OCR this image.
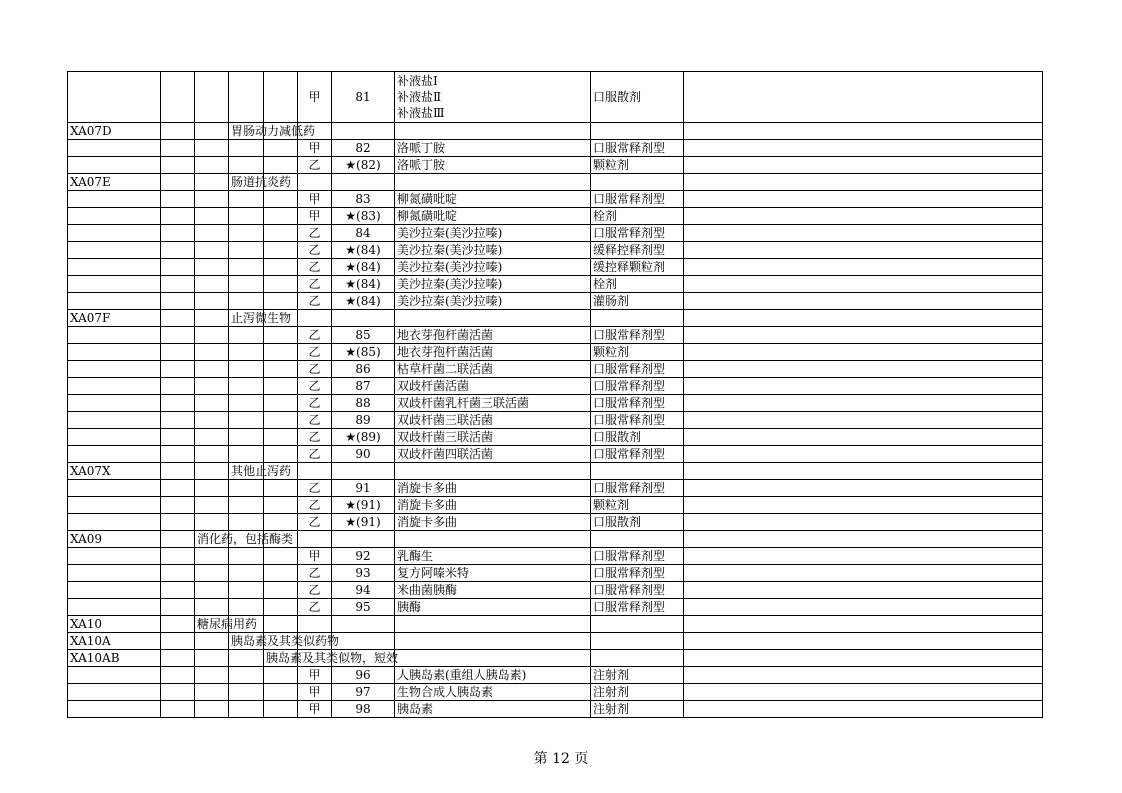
					甲	81	补液盐Ⅰ
补液盐Ⅱ
补液盐Ⅲ	口服散剂	
XA07D			胃肠动力减低药						
					甲	82	洛哌丁胺	口服常释剂型	
					乙	★(82)	洛哌丁胺	颗粒剂	
XA07E			肠道抗炎药						
					甲	83	柳氮磺吡啶	口服常释剂型	
					甲	★(83)	柳氮磺吡啶	栓剂	
					乙	84	美沙拉秦(美沙拉嗪)	口服常释剂型	
					乙	★(84)	美沙拉秦(美沙拉嗪)	缓释控释剂型	
					乙	★(84)	美沙拉秦(美沙拉嗪)	缓控释颗粒剂	
					乙	★(84)	美沙拉秦(美沙拉嗪)	栓剂	
					乙	★(84)	美沙拉秦(美沙拉嗪)	灌肠剂	
XA07F			止泻微生物						
					乙	85	地衣芽孢杆菌活菌	口服常释剂型	
					乙	★(85)	地衣芽孢杆菌活菌	颗粒剂	
					乙	86	枯草杆菌二联活菌	口服常释剂型	
					乙	87	双歧杆菌活菌	口服常释剂型	
					乙	88	双歧杆菌乳杆菌三联活菌	口服常释剂型	
					乙	89	双歧杆菌三联活菌	口服常释剂型	
					乙	★(89)	双歧杆菌三联活菌	口服散剂	
					乙	90	双歧杆菌四联活菌	口服常释剂型	
XA07X			其他止泻药						
					乙	91	消旋卡多曲	口服常释剂型	
					乙	★(91)	消旋卡多曲	颗粒剂	
					乙	★(91)	消旋卡多曲	口服散剂	
XA09		消化药，包括酶类							
					甲	92	乳酶生	口服常释剂型	
					乙	93	复方阿嗪米特	口服常释剂型	
					乙	94	米曲菌胰酶	口服常释剂型	
					乙	95	胰酶	口服常释剂型	
XA10		糖尿病用药							
XA10A			胰岛素及其类似药物						
XA10AB				胰岛素及其类似物，短效					
					甲	96	人胰岛素(重组人胰岛素)	注射剂	
					甲	97	生物合成人胰岛素	注射剂	
					甲	98	胰岛素	注射剂	
第 12 页
